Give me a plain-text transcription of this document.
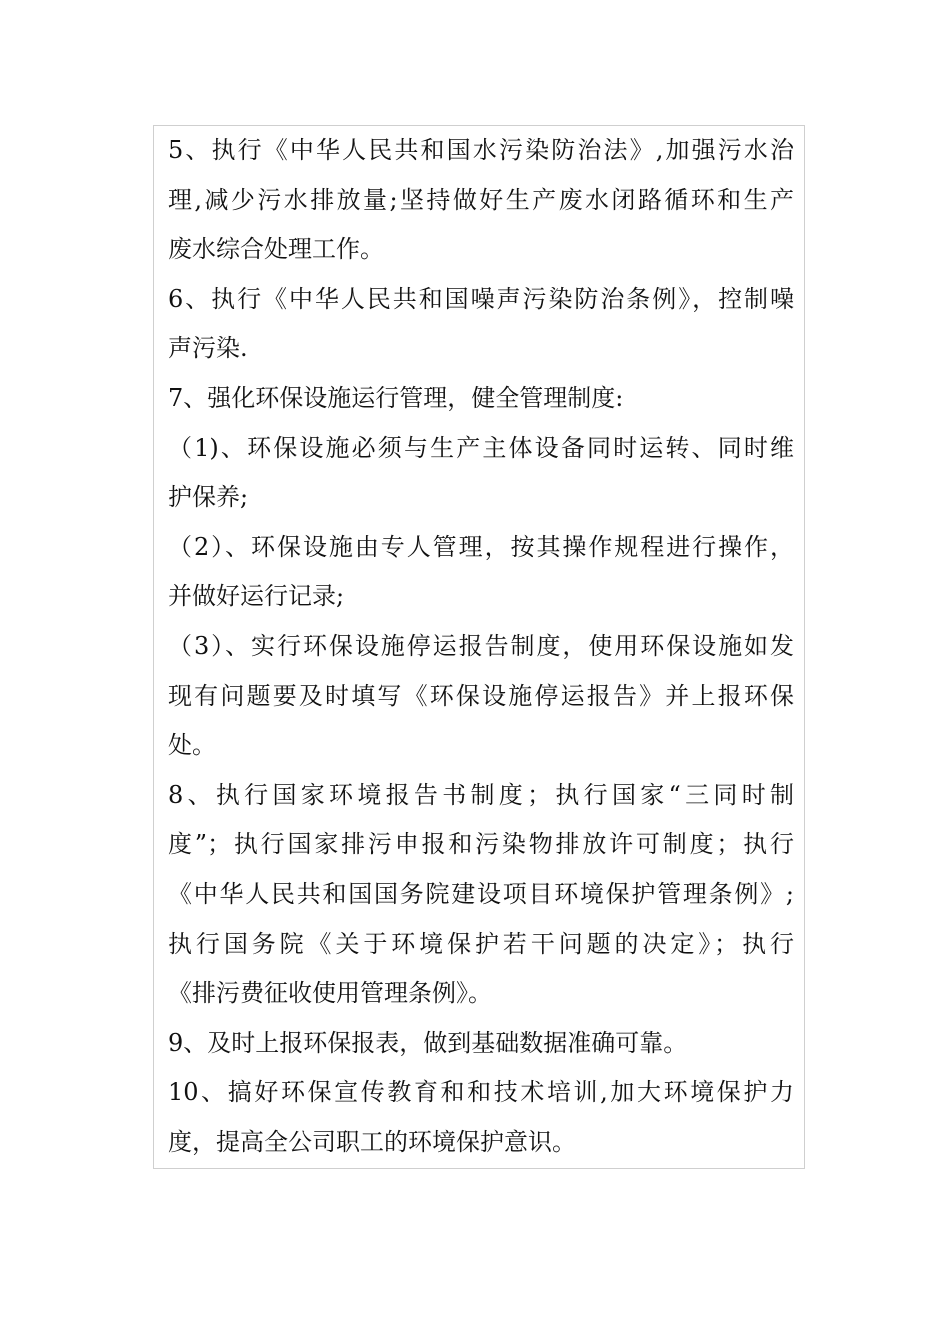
5、执行《中华人民共和国水污染防治法》,加强污水治
理,减少污水排放量;坚持做好生产废水闭路循环和生产
废水综合处理工作。
6、执行《中华人民共和国噪声污染防治条例》，控制噪
声污染.
7、强化环保设施运行管理，健全管理制度:
（1)、环保设施必须与生产主体设备同时运转、同时维
护保养;
（2）、环保设施由专人管理，按其操作规程进行操作，
并做好运行记录;
（3）、实行环保设施停运报告制度，使用环保设施如发
现有问题要及时填写《环保设施停运报告》并上报环保
处。
8、执行国家环境报告书制度；执行国家“三同时制
度”；执行国家排污申报和污染物排放许可制度；执行
《中华人民共和国国务院建设项目环境保护管理条例》;
执行国务院《关于环境保护若干问题的决定》；执行
《排污费征收使用管理条例》。
9、及时上报环保报表，做到基础数据准确可靠。
10、搞好环保宣传教育和和技术培训,加大环境保护力
度，提高全公司职工的环境保护意识。
